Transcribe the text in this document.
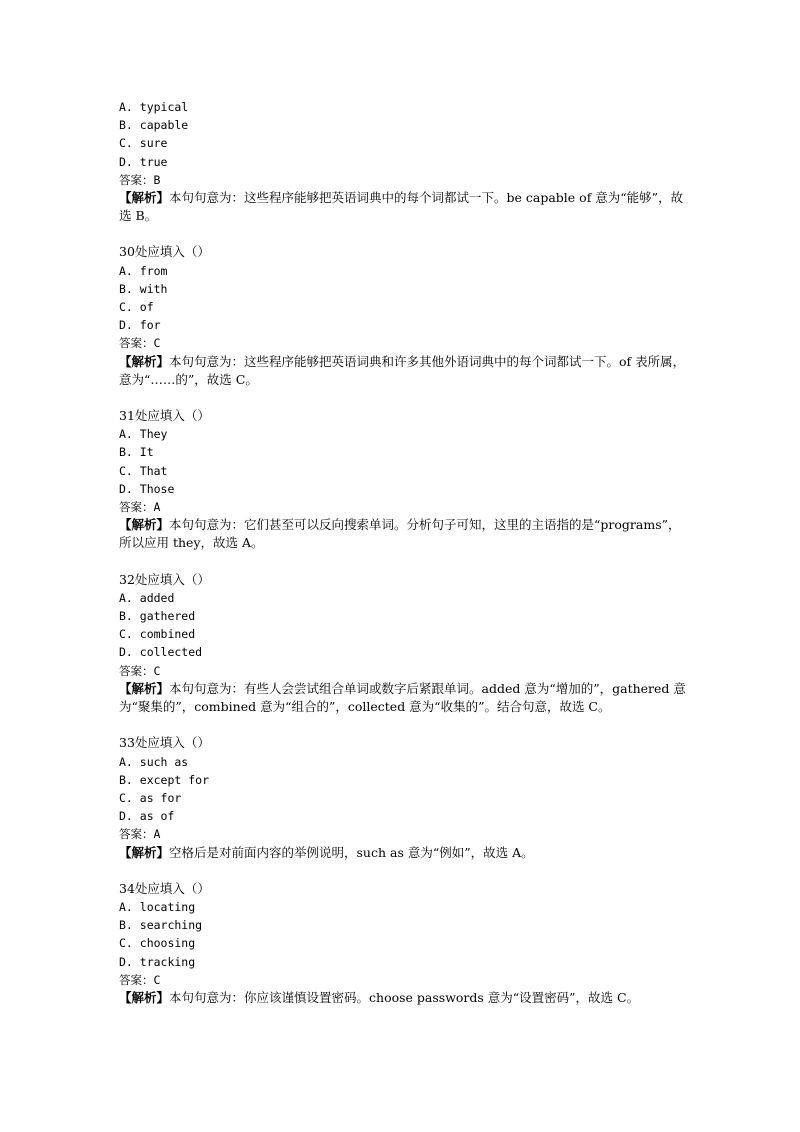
A. typical
B. capable
C. sure
D. true
答案：B
【解析】本句句意为：这些程序能够把英语词典中的每个词都试一下。be capable of 意为“能够”，故选 B。
30处应填入（）
A. from
B. with
C. of
D. for
答案：C
【解析】本句句意为：这些程序能够把英语词典和许多其他外语词典中的每个词都试一下。of 表所属，意为“……的”，故选 C。
31处应填入（）
A. They
B. It
C. That
D. Those
答案：A
【解析】本句句意为：它们甚至可以反向搜索单词。分析句子可知，这里的主语指的是“programs”，所以应用 they，故选 A。
32处应填入（）
A. added
B. gathered
C. combined
D. collected
答案：C
【解析】本句句意为：有些人会尝试组合单词或数字后紧跟单词。added 意为“增加的”，gathered 意为“聚集的”，combined 意为“组合的”，collected 意为“收集的”。结合句意，故选 C。
33处应填入（）
A. such as
B. except for
C. as for
D. as of
答案：A
【解析】空格后是对前面内容的举例说明，such as 意为“例如”，故选 A。
34处应填入（）
A. locating
B. searching
C. choosing
D. tracking
答案：C
【解析】本句句意为：你应该谨慎设置密码。choose passwords 意为“设置密码”，故选 C。
